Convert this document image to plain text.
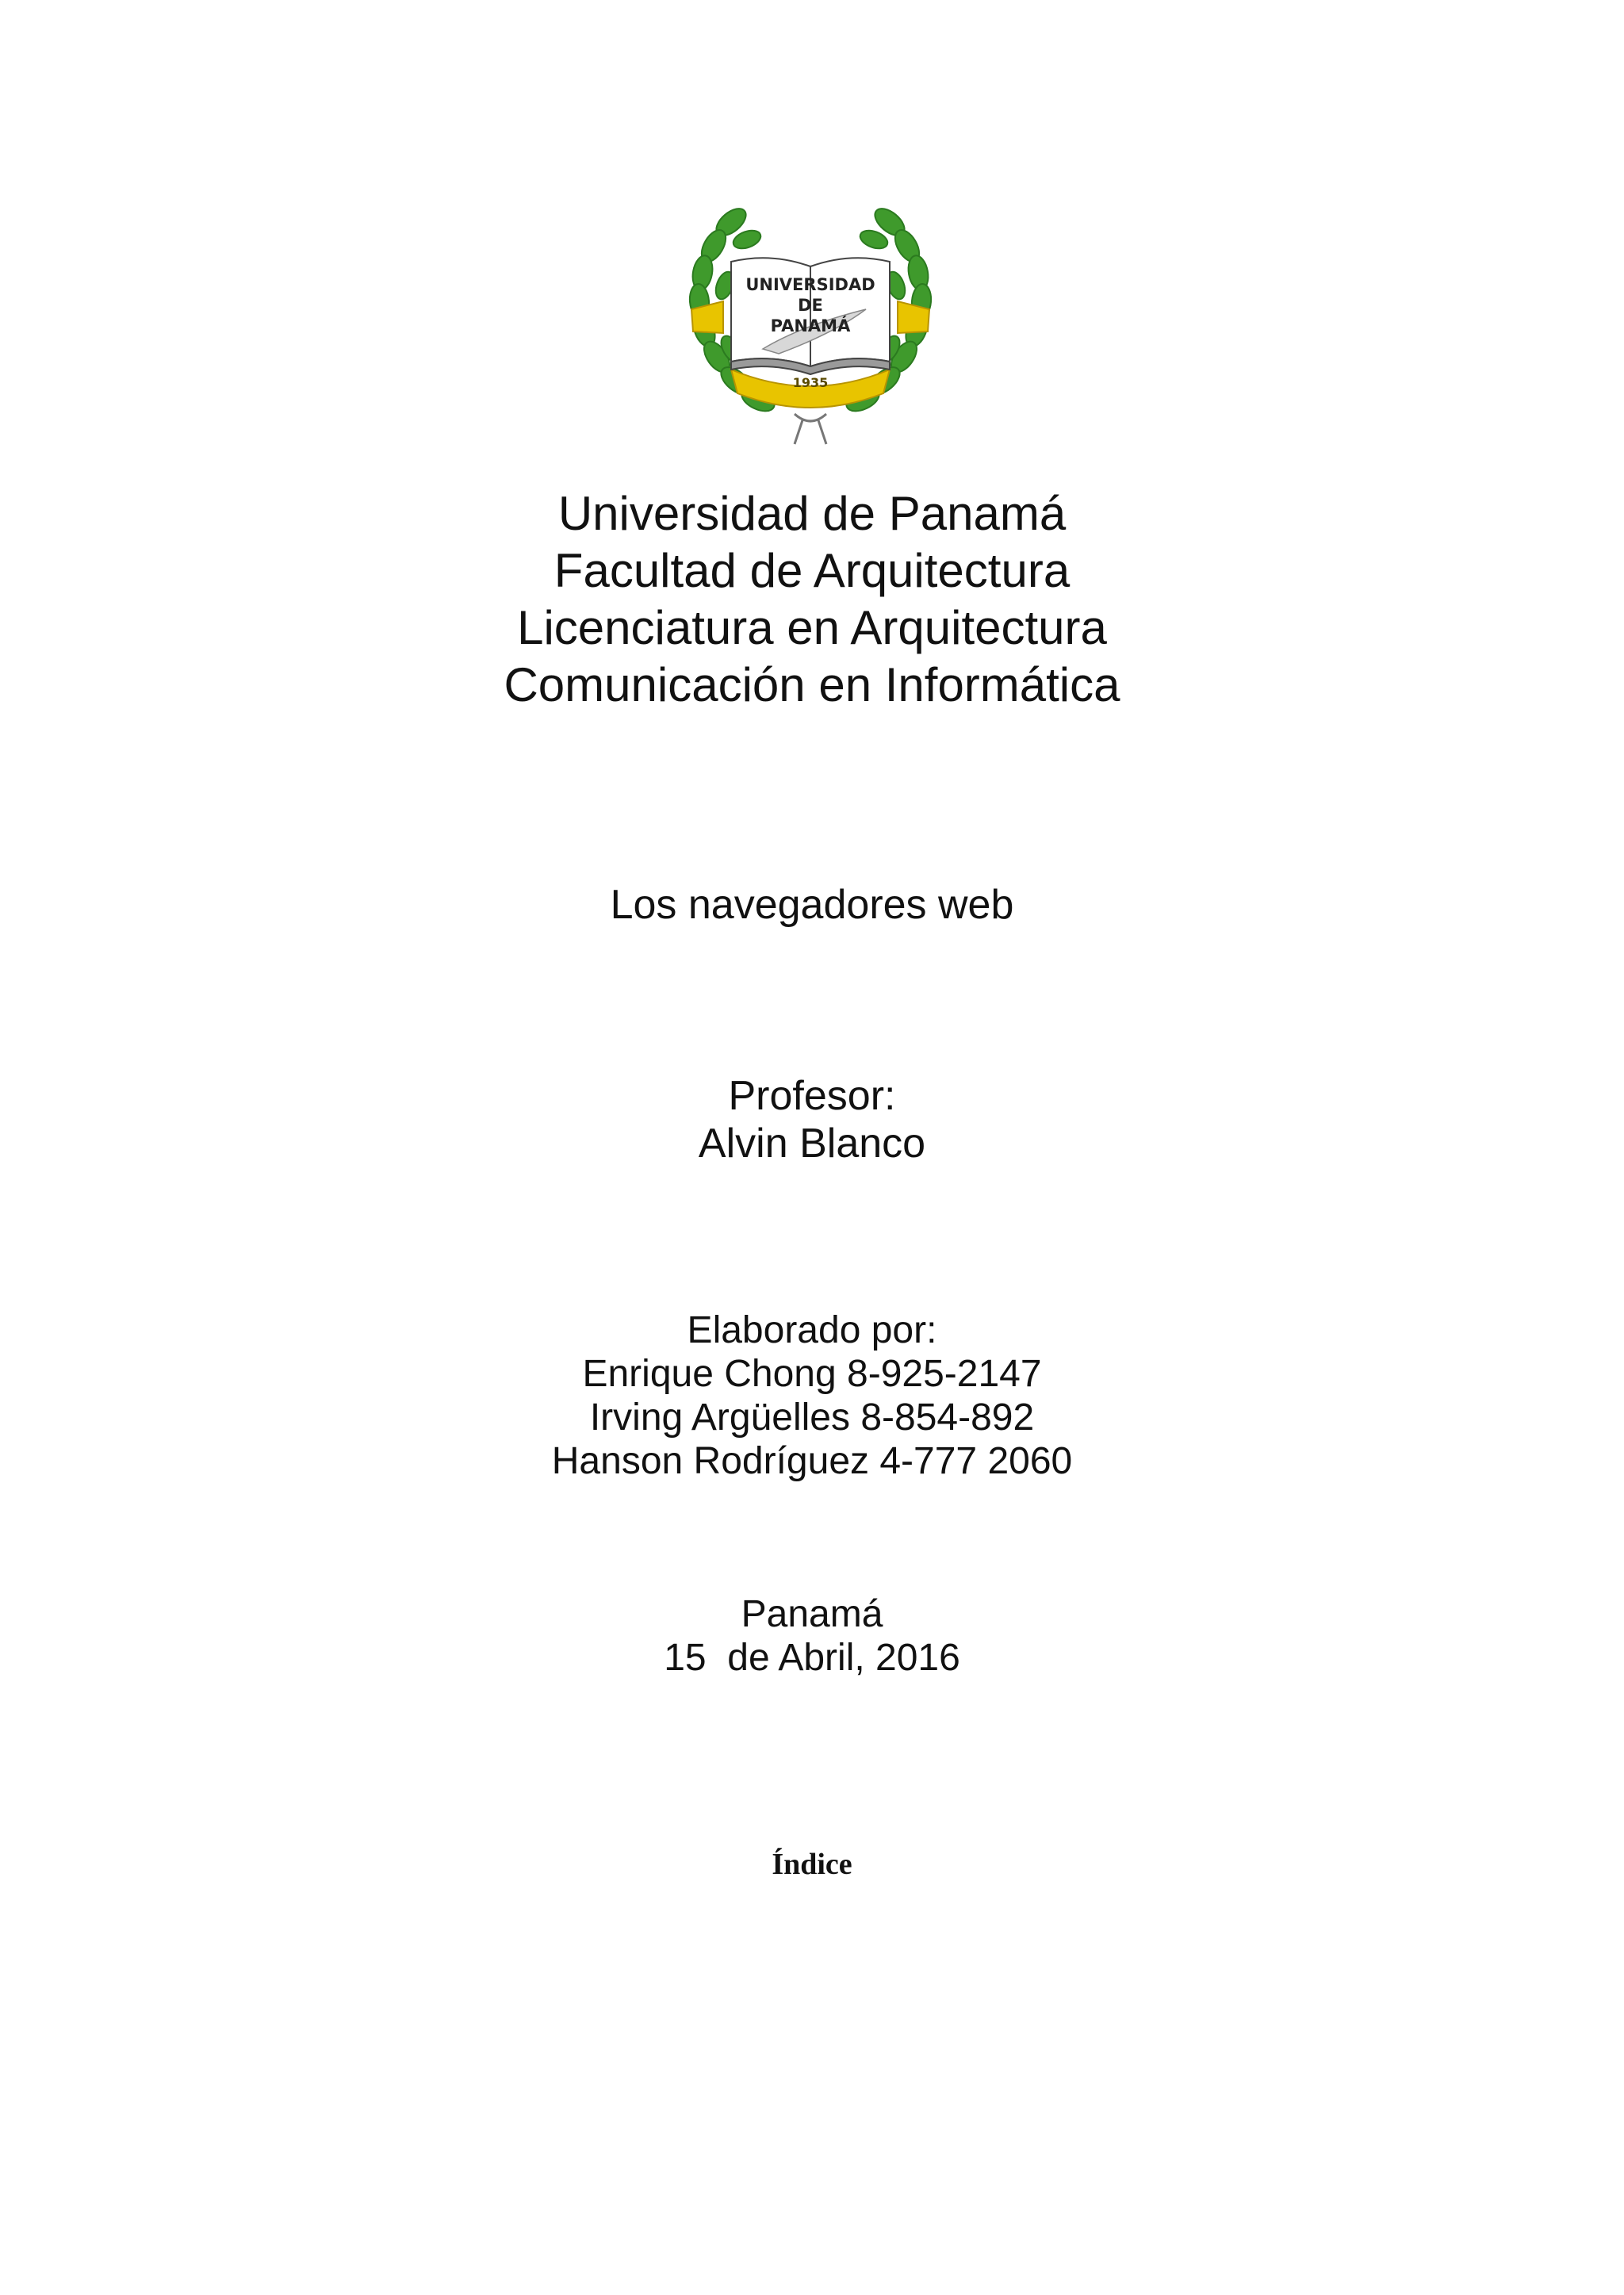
UNIVERSIDAD
DE
PANAMÁ
1935
Universidad de Panamá
Facultad de Arquitectura
Licenciatura en Arquitectura
Comunicación en Informática
Los navegadores web
Profesor:
Alvin Blanco
Elaborado por:
Enrique Chong 8-925-2147
Irving Argüelles 8-854-892
Hanson Rodríguez 4-777 2060
Panamá
15  de Abril, 2016
Índice
